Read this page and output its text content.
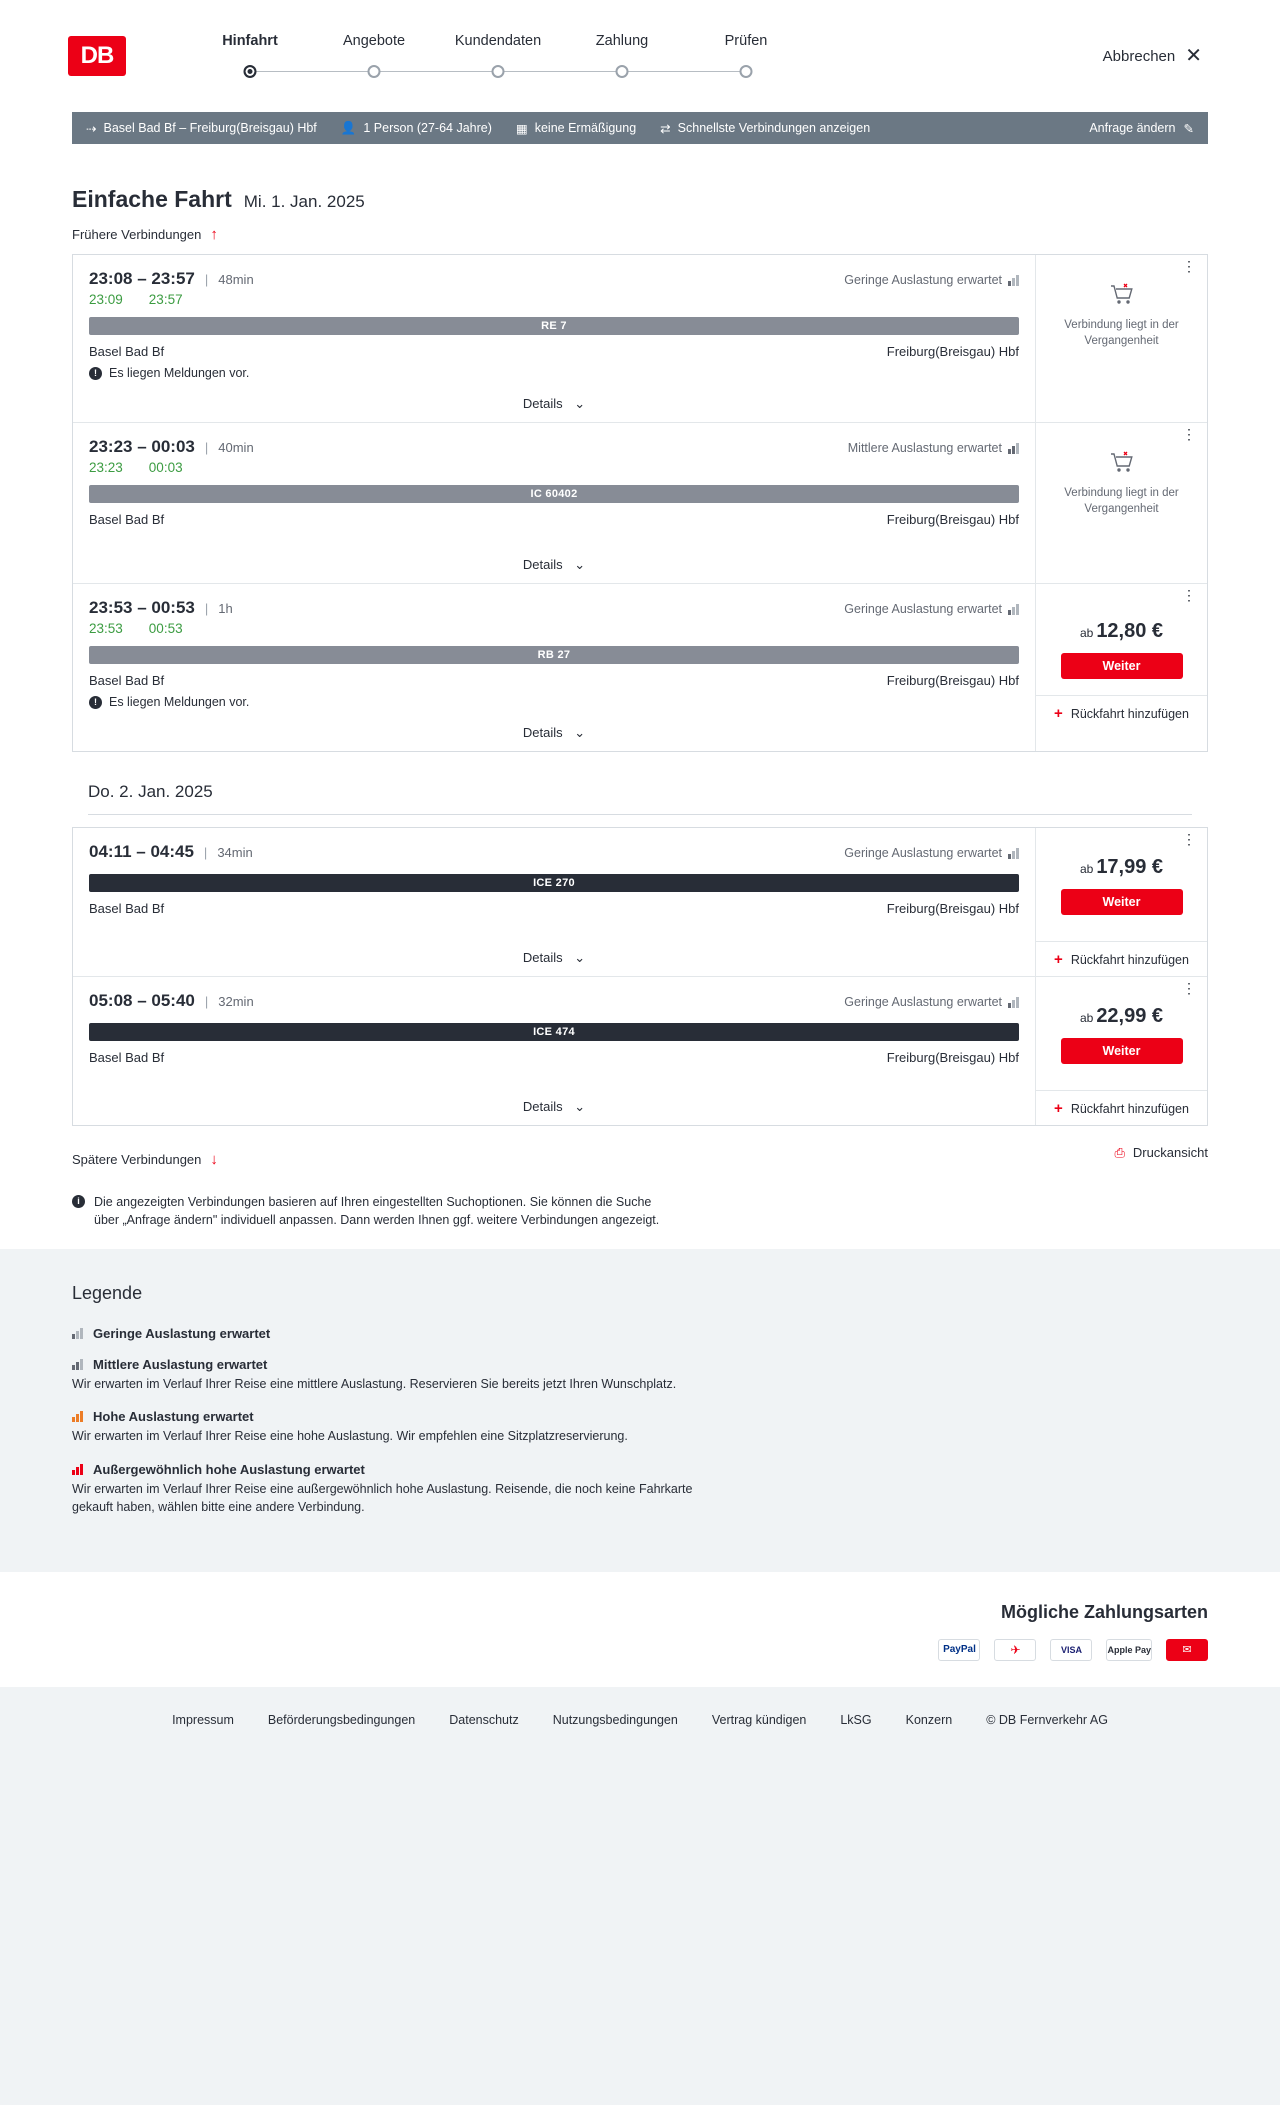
DB
Hinfahrt	Angebote	Kundendaten	Zahlung	Prüfen
Abbrechen ✕
⇢ Basel Bad Bf – Freiburg(Breisgau) Hbf 👤 1 Person (27-64 Jahre) ▦ keine Ermäßigung ⇄ Schnellste Verbindungen anzeigen	Anfrage ändern ✎
Einfache Fahrt Mi. 1. Jan. 2025
Frühere Verbindungen ↑
23:08 – 23:57 | 48min	Geringe Auslastung erwartet
23:09 23:57
RE 7
Basel Bad Bf	Freiburg(Breisgau) Hbf
! Es liegen Meldungen vor.
Details ⌄
⋮
Verbindung liegt in der Vergangenheit
23:23 – 00:03 | 40min	Mittlere Auslastung erwartet
23:23 00:03
IC 60402
Basel Bad Bf	Freiburg(Breisgau) Hbf
Details ⌄
⋮
Verbindung liegt in der Vergangenheit
23:53 – 00:53 | 1h	Geringe Auslastung erwartet
23:53 00:53
RB 27
Basel Bad Bf	Freiburg(Breisgau) Hbf
! Es liegen Meldungen vor.
Details ⌄
⋮
ab 12,80 €
Weiter
+ Rückfahrt hinzufügen
Do. 2. Jan. 2025
04:11 – 04:45 | 34min	Geringe Auslastung erwartet
ICE 270
Basel Bad Bf	Freiburg(Breisgau) Hbf
Details ⌄
⋮
ab 17,99 €
Weiter
+ Rückfahrt hinzufügen
05:08 – 05:40 | 32min	Geringe Auslastung erwartet
ICE 474
Basel Bad Bf	Freiburg(Breisgau) Hbf
Details ⌄
⋮
ab 22,99 €
Weiter
+ Rückfahrt hinzufügen
Spätere Verbindungen ↓	⎙ Druckansicht
i	Die angezeigten Verbindungen basieren auf Ihren eingestellten Suchoptionen. Sie können die Suche über „Anfrage ändern" individuell anpassen. Dann werden Ihnen ggf. weitere Verbindungen angezeigt.
Legende
Geringe Auslastung erwartet
Mittlere Auslastung erwartet
Wir erwarten im Verlauf Ihrer Reise eine mittlere Auslastung. Reservieren Sie bereits jetzt Ihren Wunschplatz.
Hohe Auslastung erwartet
Wir erwarten im Verlauf Ihrer Reise eine hohe Auslastung. Wir empfehlen eine Sitzplatzreservierung.
Außergewöhnlich hohe Auslastung erwartet
Wir erwarten im Verlauf Ihrer Reise eine außergewöhnlich hohe Auslastung. Reisende, die noch keine Fahrkarte gekauft haben, wählen bitte eine andere Verbindung.
Mögliche Zahlungsarten
PayPal	✈	VISA	Apple Pay	✉
Impressum	Beförderungsbedingungen	Datenschutz	Nutzungsbedingungen	Vertrag kündigen	LkSG	Konzern	© DB Fernverkehr AG
